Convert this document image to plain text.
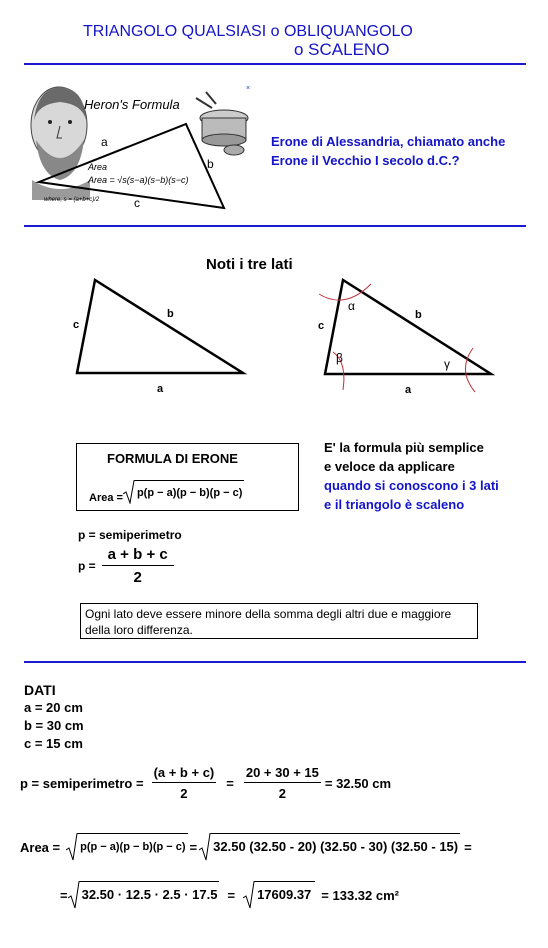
TRIANGOLO QUALSIASI o OBLIQUANGOLO
o SCALENO
×
Heron's Formula
a
b
c
Area
Area = √s(s−a)(s−b)(s−c)
where, s = (a+b+c)/2
Erone di Alessandria, chiamato anche
Erone il Vecchio I secolo d.C.?
Noti i tre lati
c
b
a
c
b
a
α
β	γ
FORMULA DI ERONE
Area = p(p − a)(p − b)(p − c)
E' la formula più semplice
e veloce da applicare
quando si conoscono i 3 lati
e il triangolo è scaleno
p = semiperimetro
$p = \frac{a + b + c}{2}$
Ogni lato deve essere minore della somma degli altri due e maggiore della loro differenza.
DATI
a = 20 cm
b = 30 cm
c = 15 cm
p = semiperimetro = $\frac{(a + b + c)}{2} = \frac{20 + 30 + 15}{2} = 32.50$ cm
Area = p(p − a)(p − b)(p − c) = 32.50 (32.50 - 20) (32.50 - 30) (32.50 - 15) =
= 32.50 · 12.5 · 2.5 · 17.5 = 17609.37 = 133.32 cm²
